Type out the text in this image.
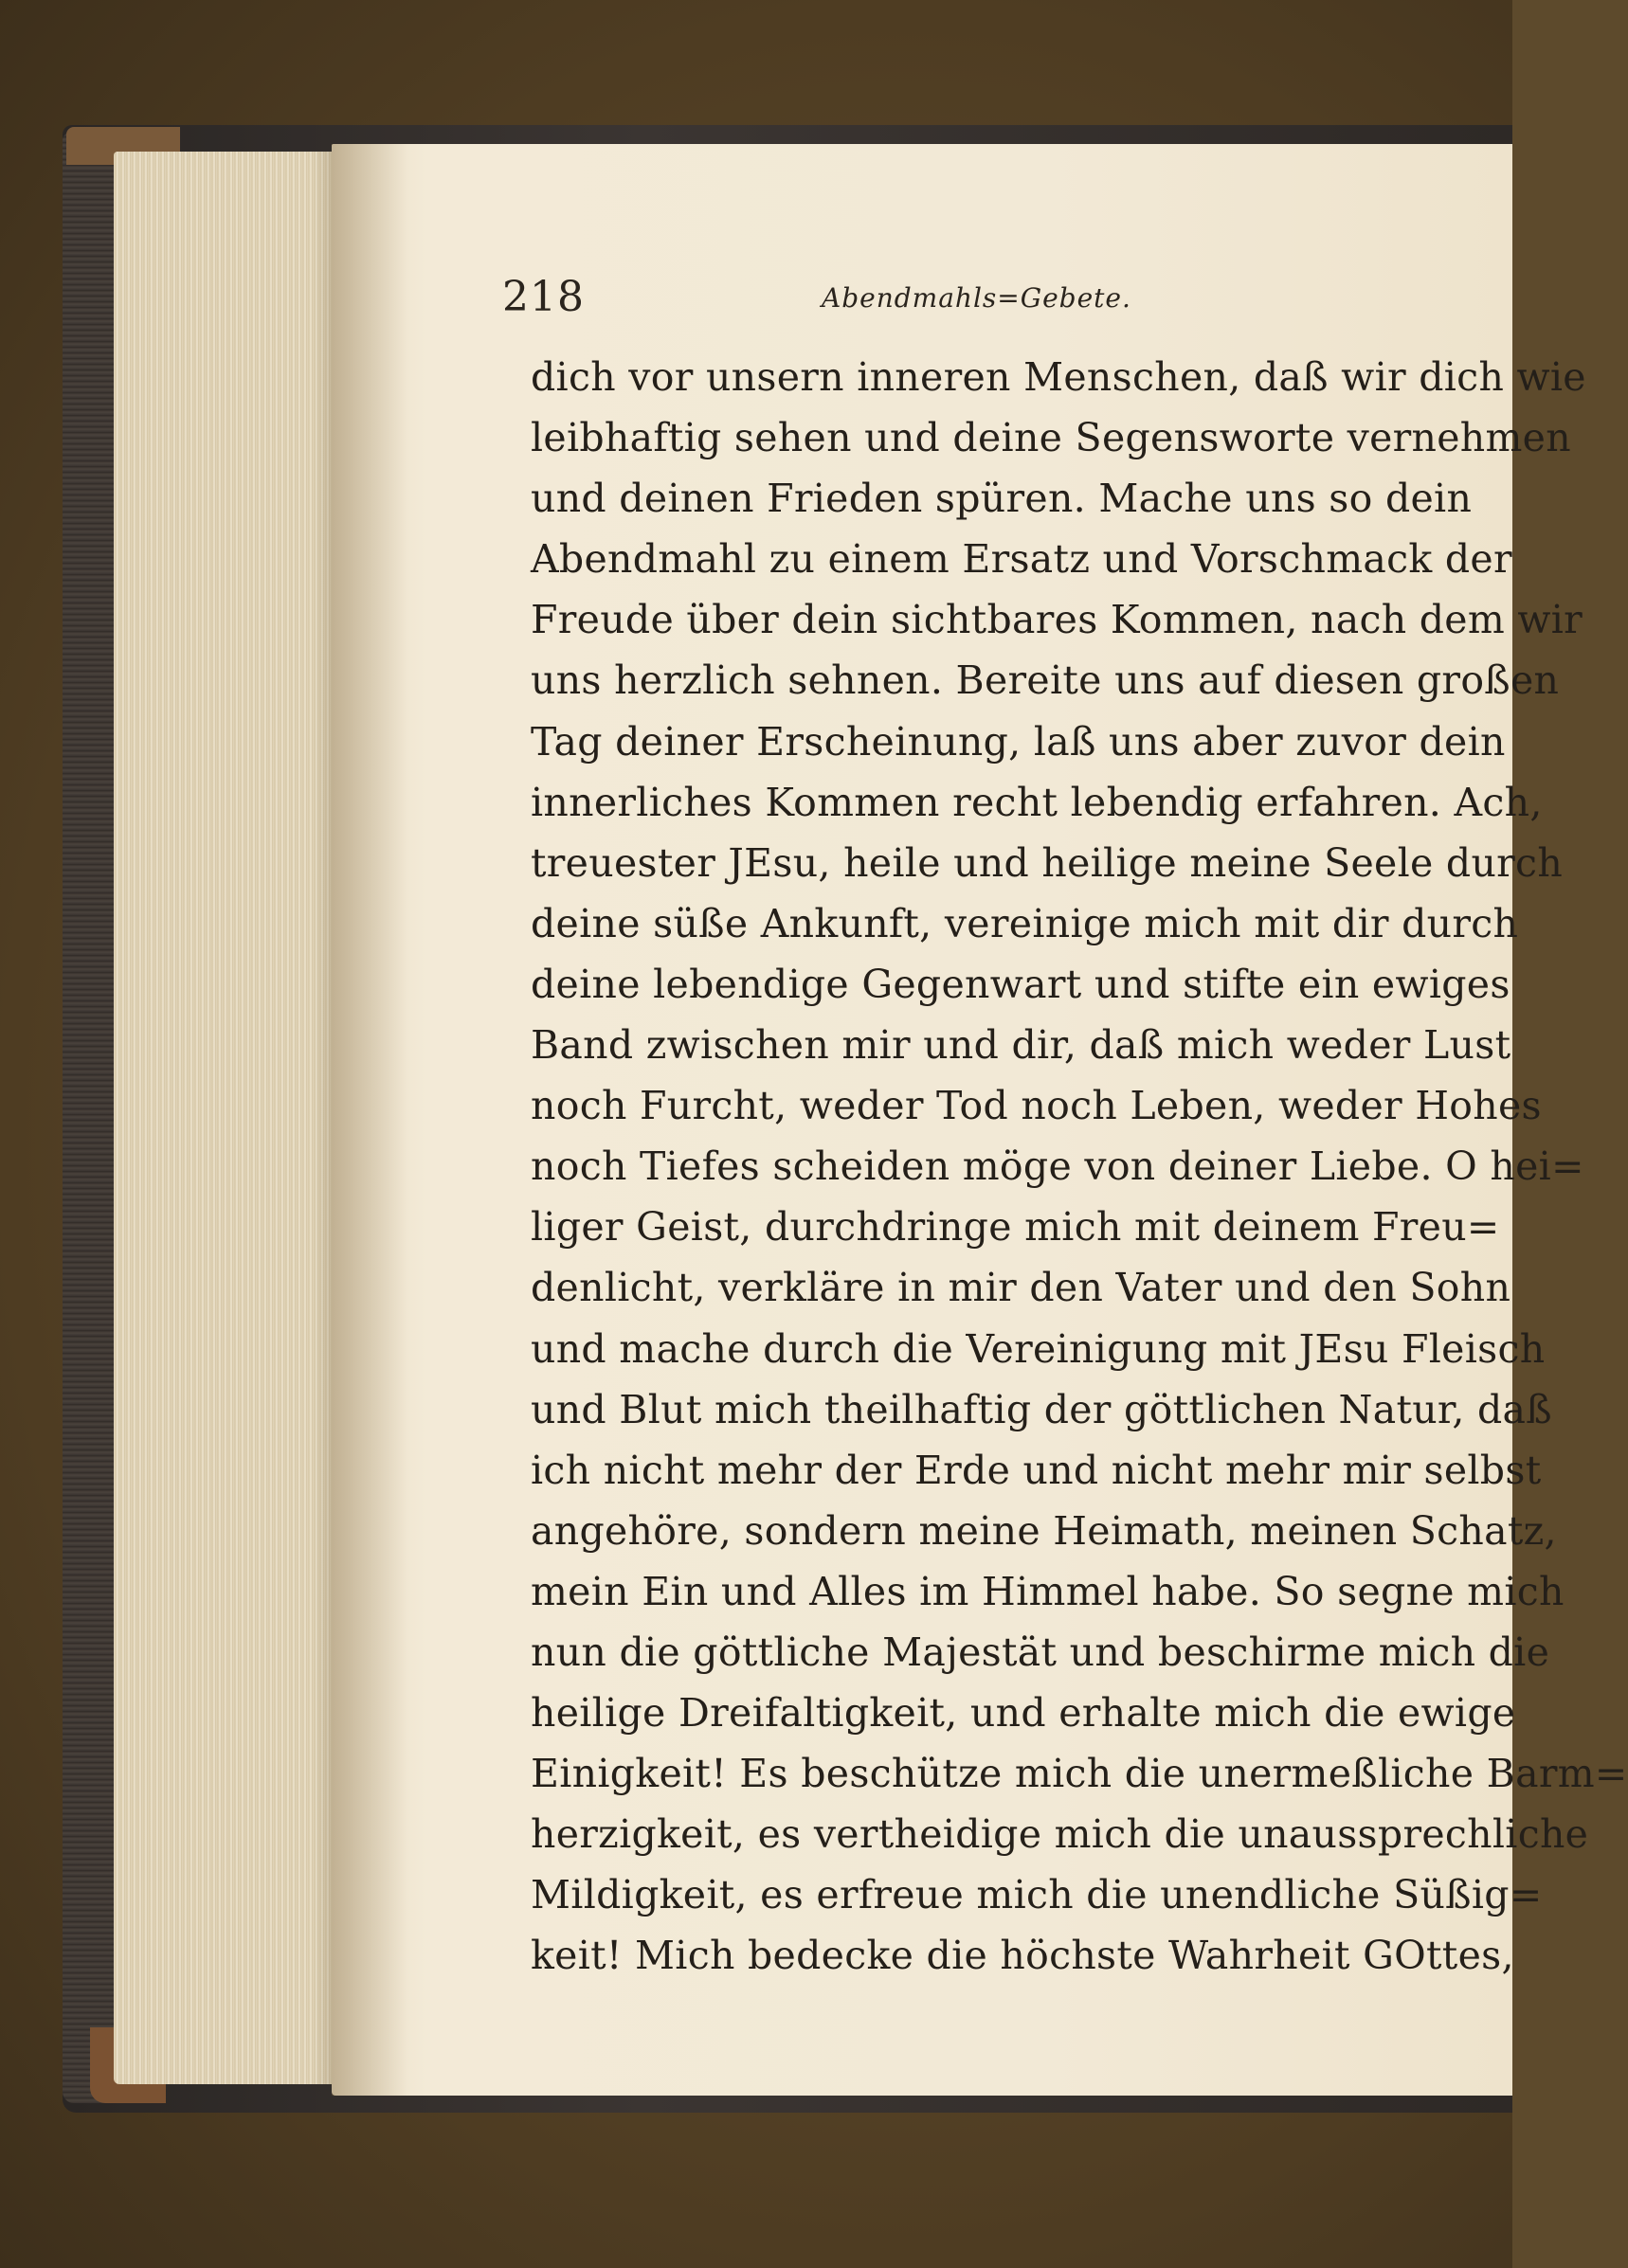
218	Abendmahls=Gebete.
dich vor unsern inneren Menschen, daß wir dich wie
leibhaftig sehen und deine Segensworte vernehmen
und deinen Frieden spüren. Mache uns so dein
Abendmahl zu einem Ersatz und Vorschmack der
Freude über dein sichtbares Kommen, nach dem wir
uns herzlich sehnen. Bereite uns auf diesen großen
Tag deiner Erscheinung, laß uns aber zuvor dein
innerliches Kommen recht lebendig erfahren. Ach,
treuester JEsu, heile und heilige meine Seele durch
deine süße Ankunft, vereinige mich mit dir durch
deine lebendige Gegenwart und stifte ein ewiges
Band zwischen mir und dir, daß mich weder Lust
noch Furcht, weder Tod noch Leben, weder Hohes
noch Tiefes scheiden möge von deiner Liebe. O hei=
liger Geist, durchdringe mich mit deinem Freu=
denlicht, verkläre in mir den Vater und den Sohn
und mache durch die Vereinigung mit JEsu Fleisch
und Blut mich theilhaftig der göttlichen Natur, daß
ich nicht mehr der Erde und nicht mehr mir selbst
angehöre, sondern meine Heimath, meinen Schatz,
mein Ein und Alles im Himmel habe. So segne mich
nun die göttliche Majestät und beschirme mich die
heilige Dreifaltigkeit, und erhalte mich die ewige
Einigkeit! Es beschütze mich die unermeßliche Barm=
herzigkeit, es vertheidige mich die unaussprechliche
Mildigkeit, es erfreue mich die unendliche Süßig=
keit! Mich bedecke die höchste Wahrheit GOttes,
